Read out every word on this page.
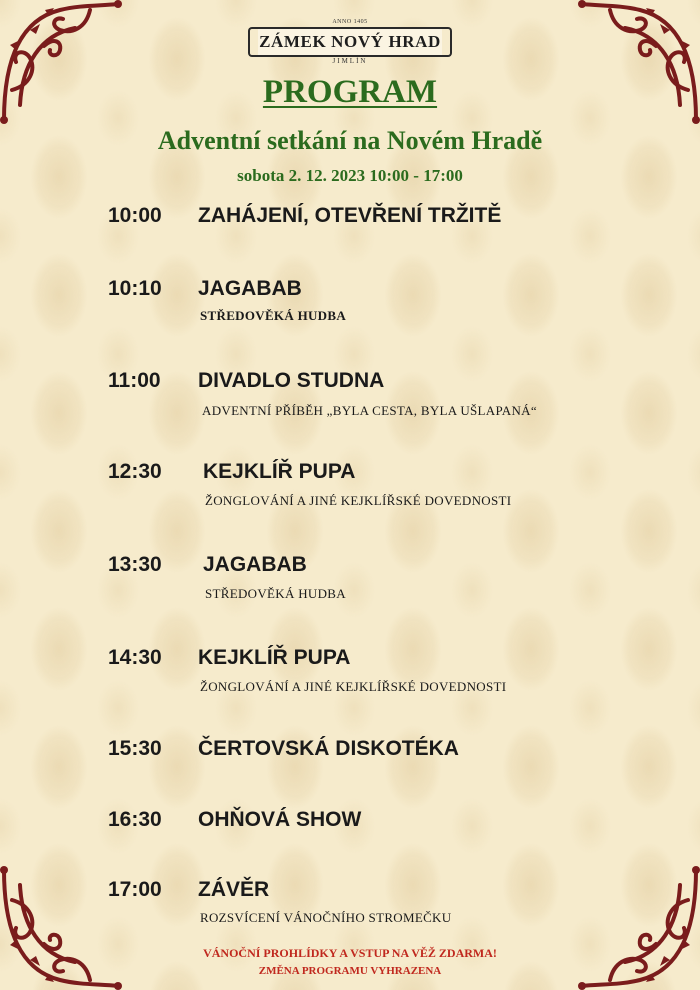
ANNO 1405
ZÁMEK NOVÝ HRAD
JIMLÍN
PROGRAM
Adventní setkání na Novém Hradě
sobota 2. 12. 2023 10:00 - 17:00
10:00 ZAHÁJENÍ, OTEVŘENÍ TRŽITĚ
10:10 JAGABAB
STŘEDOVĚKÁ HUDBA
11:00 DIVADLO STUDNA
ADVENTNÍ PŘÍBĚH „BYLA CESTA, BYLA UŠLAPANÁ“
12:30 KEJKLÍŘ PUPA
ŽONGLOVÁNÍ A JINÉ KEJKLÍŘSKÉ DOVEDNOSTI
13:30 JAGABAB
STŘEDOVĚKÁ HUDBA
14:30 KEJKLÍŘ PUPA
ŽONGLOVÁNÍ A JINÉ KEJKLÍŘSKÉ DOVEDNOSTI
15:30 ČERTOVSKÁ DISKOTÉKA
16:30 OHŇOVÁ SHOW
17:00 ZÁVĚR
ROZSVÍCENÍ VÁNOČNÍHO STROMEČKU
VÁNOČNÍ PROHLÍDKY A VSTUP NA VĚŽ ZDARMA!
ZMĚNA PROGRAMU VYHRAZENA
